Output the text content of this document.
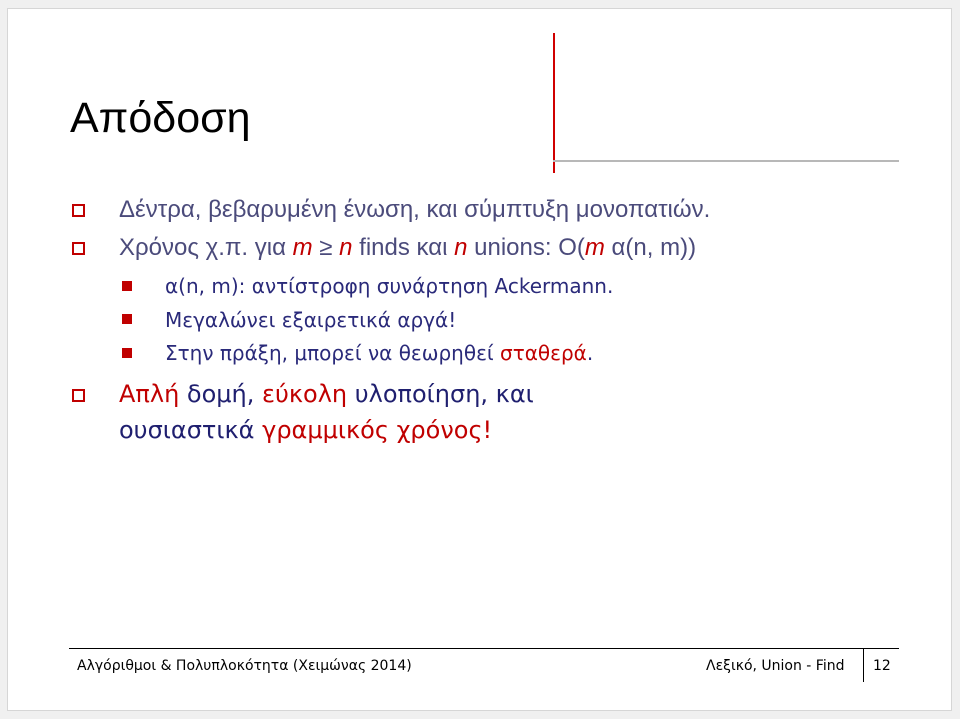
Απόδοση
Δέντρα, βεβαρυμένη ένωση, και σύμπτυξη μονοπατιών.
Χρόνος χ.π. για m ≥ n finds και n unions: O(m α(n, m))
α(n, m): αντίστροφη συνάρτηση Ackermann.
Μεγαλώνει εξαιρετικά αργά!
Στην πράξη, μπορεί να θεωρηθεί σταθερά.
Απλή δομή, εύκολη υλοποίηση, και
ουσιαστικά γραμμικός χρόνος!
Αλγόριθμοι & Πολυπλοκότητα (Χειμώνας 2014)	Λεξικό, Union - Find 12
